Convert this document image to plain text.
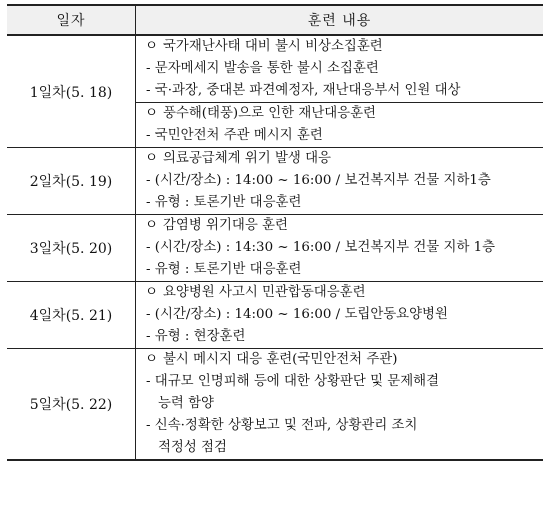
일자	훈련 내용
1일차(5. 18)
ㅇ 국가재난사태 대비 불시 비상소집훈련
- 문자메세지 발송을 통한 불시 소집훈련
- 국·과장, 중대본 파견예정자, 재난대응부서 인원 대상
ㅇ 풍수해(태풍)으로 인한 재난대응훈련
- 국민안전처 주관 메시지 훈련
2일차(5. 19)
ㅇ 의료공급체계 위기 발생 대응
- (시간/장소) : 14:00 ~ 16:00 / 보건복지부 건물 지하1층
- 유형 : 토론기반 대응훈련
3일차(5. 20)
ㅇ 감염병 위기대응 훈련
- (시간/장소) : 14:30 ~ 16:00 / 보건복지부 건물 지하 1층
- 유형 : 토론기반 대응훈련
4일차(5. 21)
ㅇ 요양병원 사고시 민관합동대응훈련
- (시간/장소) : 14:00 ~ 16:00 / 도립안동요양병원
- 유형 : 현장훈련
5일차(5. 22)
ㅇ 불시 메시지 대응 훈련(국민안전처 주관)
- 대규모 인명피해 등에 대한 상황판단 및 문제해결
능력 함양
- 신속·정확한 상황보고 및 전파, 상황관리 조치
적정성 점검
